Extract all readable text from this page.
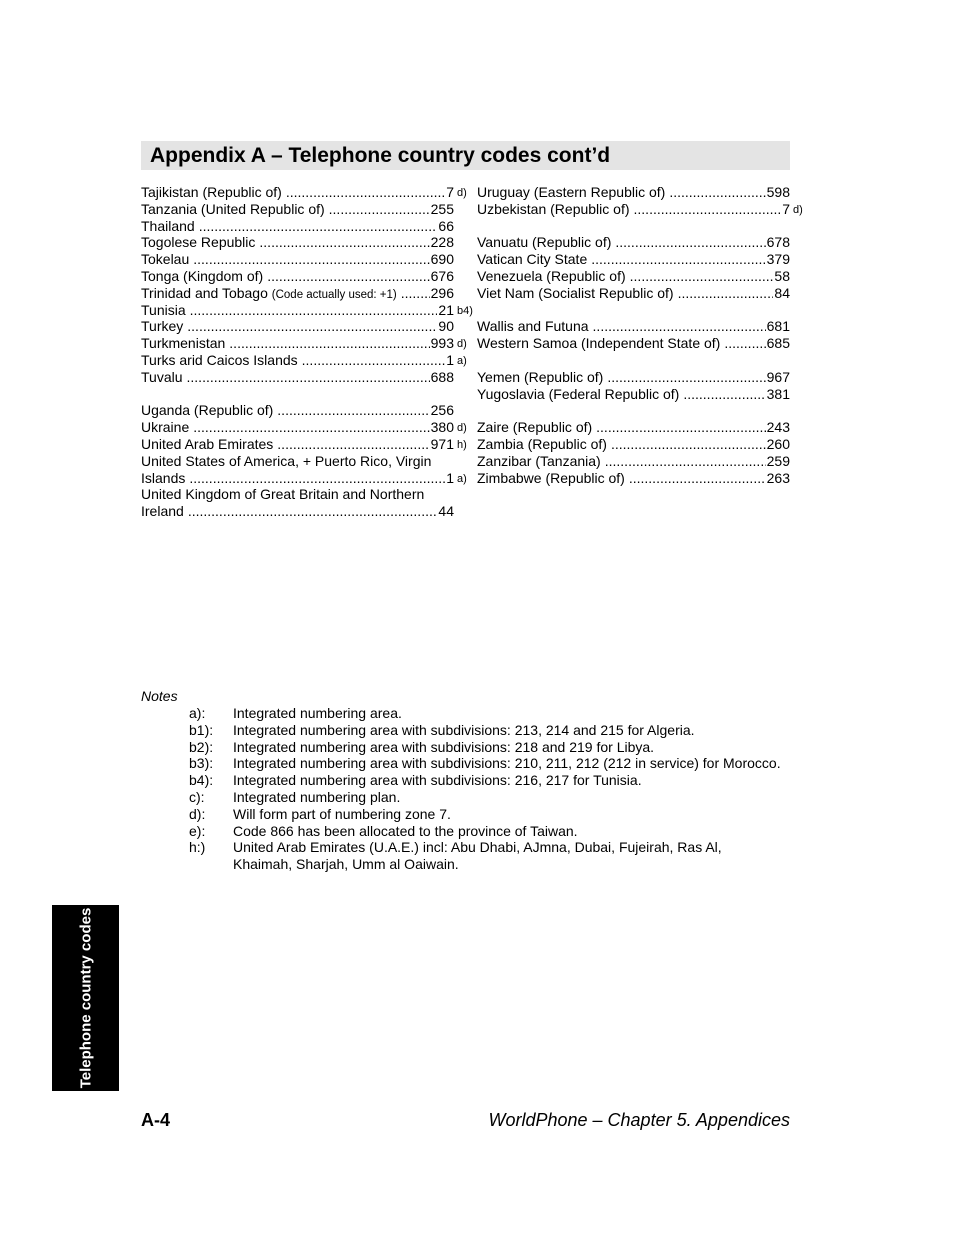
Appendix A – Telephone country codes cont’d
Tajikistan (Republic of) .....	7 d)
Tanzania (United Republic of) .....	255
Thailand .....	66
Togolese Republic .....	228
Tokelau .....	690
Tonga (Kingdom of) .....	676
Trinidad and Tobago (Code actually used: +1) ..... 296
Tunisia .....	21 b4)
Turkey .....	90
Turkmenistan .....	993 d)
Turks arid Caicos Islands .....	1 a)
Tuvalu .....	688
Uganda (Republic of) .....	256
Ukraine .....	380 d)
United Arab Emirates .....	971 h)
United States of America, + Puerto Rico, Virgin
Islands .....	1 a)
United Kingdom of Great Britain and Northern
Ireland .....	44
Uruguay (Eastern Republic of) .....	598
Uzbekistan (Republic of) .....	7 d)
Vanuatu (Republic of) .....	678
Vatican City State .....	379
Venezuela (Republic of) .....	58
Viet Nam (Socialist Republic of) .....	84
Wallis and Futuna .....	681
Western Samoa (Independent State of) .....	685
Yemen (Republic of) .....	967
Yugoslavia (Federal Republic of) .....	381
Zaire (Republic of) .....	243
Zambia (Republic of) .....	260
Zanzibar (Tanzania) .....	259
Zimbabwe (Republic of) .....	263
Notes
a):	Integrated numbering area.
b1):	Integrated numbering area with subdivisions: 213, 214 and 215 for Algeria.
b2):	Integrated numbering area with subdivisions: 218 and 219 for Libya.
b3):	Integrated numbering area with subdivisions: 210, 211, 212 (212 in service) for Morocco.
b4):	Integrated numbering area with subdivisions: 216, 217 for Tunisia.
c):	Integrated numbering plan.
d):	Will form part of numbering zone 7.
e):	Code 866 has been allocated to the province of Taiwan.
h:)	United Arab Emirates (U.A.E.) incl: Abu Dhabi, AJmna, Dubai, Fujeirah, Ras Al, Khaimah, Sharjah, Umm al Oaiwain.
Telephone country codes
A-4	WorldPhone – Chapter 5. Appendices
